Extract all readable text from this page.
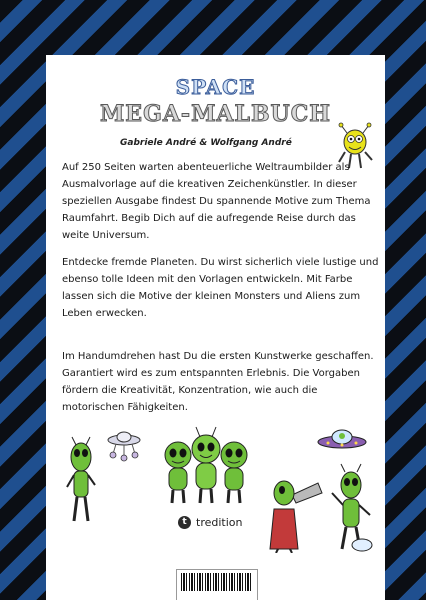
SPACE
MEGA-MALBUCH
Gabriele André & Wolfgang André
Auf 250 Seiten warten abenteuerliche Weltraumbilder als Ausmalvorlage auf die kreativen Zeichenkünstler. In dieser speziellen Ausgabe findest Du spannende Motive zum Thema Raumfahrt. Begib Dich auf die aufregende Reise durch das weite Universum.
Entdecke fremde Planeten. Du wirst sicherlich viele lustige und ebenso tolle Ideen mit den Vorlagen entwickeln. Mit Farbe lassen sich die Motive der kleinen Monsters und Aliens zum Leben erwecken.
Im Handumdrehen hast Du die ersten Kunstwerke geschaffen. Garantiert wird es zum entspannten Erlebnis. Die Vorgaben fördern die Kreativität, Konzentration, wie auch die motorischen Fähigkeiten.
t tredition
